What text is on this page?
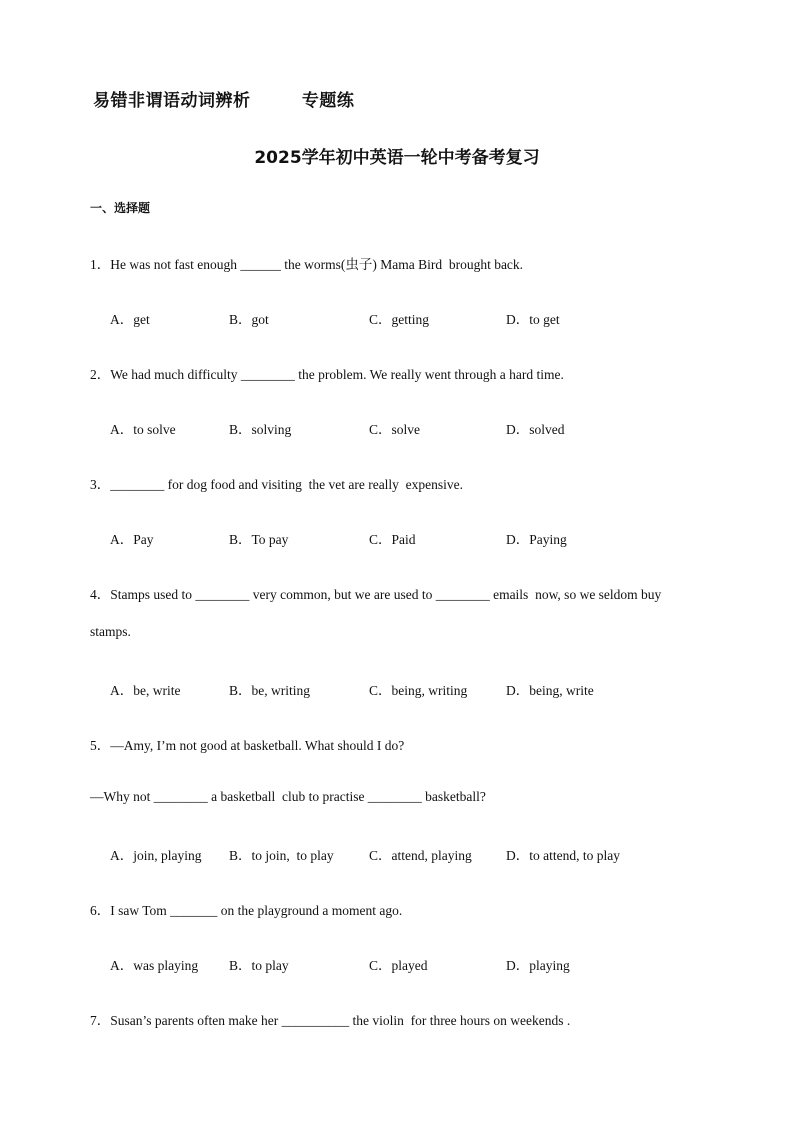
易错非谓语动词辨析        专题练
2025学年初中英语一轮中考备考复习
一、选择题
1．He was not fast enough ______ the worms(虫子) Mama Bird  brought back.
A．get	B．got	C．getting	D．to get
2．We had much difficulty ________ the problem. We really went through a hard time.
A．to solve	B．solving	C．solve	D．solved
3．________ for dog food and visiting  the vet are really  expensive.
A．Pay	B．To pay	C．Paid	D．Paying
4．Stamps used to ________ very common, but we are used to ________ emails  now, so we seldom buy
stamps.
A．be, write	B．be, writing	C．being, writing	D．being, write
5．—Amy, I’m not good at basketball. What should I do?
—Why not ________ a basketball  club to practise ________ basketball?
A．join, playing B．to join,  to play	C．attend, playing	D．to attend, to play
6．I saw Tom _______ on the playground a moment ago.
A．was playing B．to play	C．played	D．playing
7．Susan’s parents often make her __________ the violin  for three hours on weekends .
